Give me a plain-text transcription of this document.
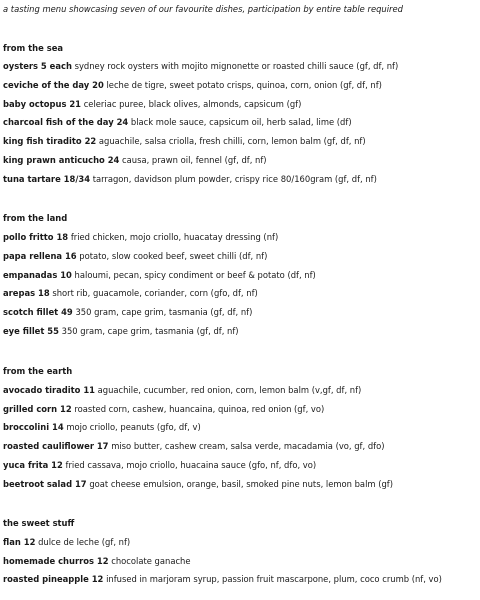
a tasting menu showcasing seven of our favourite dishes, participation by entire table required
from the sea
oysters 5 each sydney rock oysters with mojito mignonette or roasted chilli sauce (gf, df, nf)
ceviche of the day 20 leche de tigre, sweet potato crisps, quinoa, corn, onion (gf, df, nf)
baby octopus 21 celeriac puree, black olives, almonds, capsicum (gf)
charcoal fish of the day 24 black mole sauce, capsicum oil, herb salad, lime (df)
king fish tiradito 22 aguachile, salsa criolla, fresh chilli, corn, lemon balm (gf, df, nf)
king prawn anticucho 24 causa, prawn oil, fennel (gf, df, nf)
tuna tartare 18/34 tarragon, davidson plum powder, crispy rice 80/160gram (gf, df, nf)
from the land
pollo fritto 18 fried chicken, mojo criollo, huacatay dressing (nf)
papa rellena 16 potato, slow cooked beef, sweet chilli (df, nf)
empanadas 10 haloumi, pecan, spicy condiment or beef & potato (df, nf)
arepas 18 short rib, guacamole, coriander, corn (gfo, df, nf)
scotch fillet 49 350 gram, cape grim, tasmania (gf, df, nf)
eye fillet 55 350 gram, cape grim, tasmania (gf, df, nf)
from the earth
avocado tiradito 11 aguachile, cucumber, red onion, corn, lemon balm (v,gf, df, nf)
grilled corn 12 roasted corn, cashew, huancaina, quinoa, red onion (gf, vo)
broccolini 14 mojo criollo, peanuts (gfo, df, v)
roasted cauliflower 17 miso butter, cashew cream, salsa verde, macadamia (vo, gf, dfo)
yuca frita 12 fried cassava, mojo criollo, huacaina sauce (gfo, nf, dfo, vo)
beetroot salad 17 goat cheese emulsion, orange, basil, smoked pine nuts, lemon balm (gf)
the sweet stuff
flan 12 dulce de leche (gf, nf)
homemade churros 12 chocolate ganache
roasted pineapple 12 infused in marjoram syrup, passion fruit mascarpone, plum, coco crumb (nf, vo)
